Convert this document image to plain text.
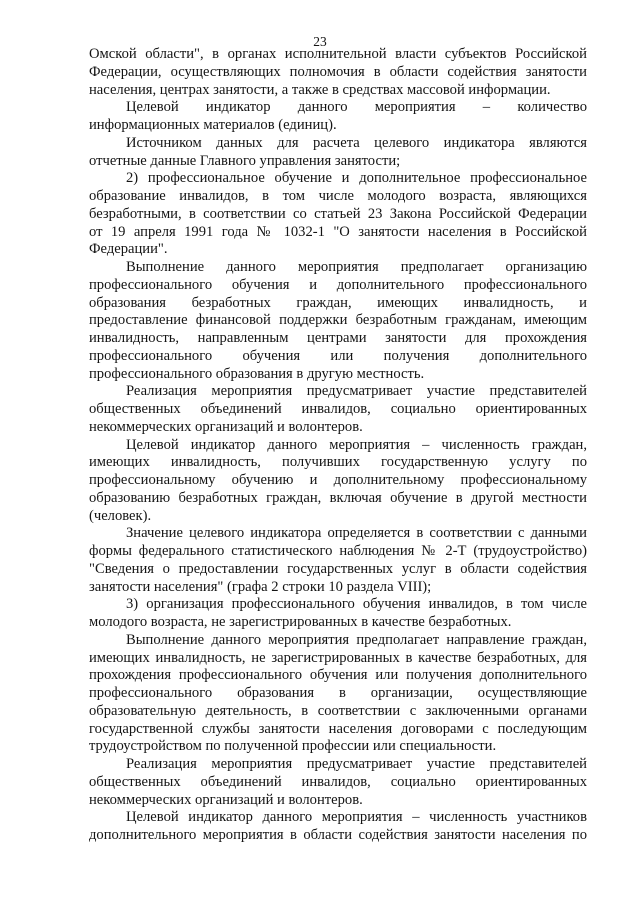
23
Омской области", в органах исполнительной власти субъектов Российской
Федерации, осуществляющих полномочия в области содействия занятости
населения, центрах занятости, а также в средствах массовой информации.
Целевой индикатор данного мероприятия – количество
информационных материалов (единиц).
Источником данных для расчета целевого индикатора являются
отчетные данные Главного управления занятости;
2) профессиональное обучение и дополнительное профессиональное
образование инвалидов, в том числе молодого возраста, являющихся
безработными, в соответствии со статьей 23 Закона Российской Федерации
от 19 апреля 1991 года № 1032-1 "О занятости населения в Российской
Федерации".
Выполнение данного мероприятия предполагает организацию
профессионального обучения и дополнительного профессионального
образования безработных граждан, имеющих инвалидность, и
предоставление финансовой поддержки безработным гражданам, имеющим
инвалидность, направленным центрами занятости для прохождения
профессионального обучения или получения дополнительного
профессионального образования в другую местность.
Реализация мероприятия предусматривает участие представителей
общественных объединений инвалидов, социально ориентированных
некоммерческих организаций и волонтеров.
Целевой индикатор данного мероприятия – численность граждан,
имеющих инвалидность, получивших государственную услугу по
профессиональному обучению и дополнительному профессиональному
образованию безработных граждан, включая обучение в другой местности
(человек).
Значение целевого индикатора определяется в соответствии с данными
формы федерального статистического наблюдения № 2-Т (трудоустройство)
"Сведения о предоставлении государственных услуг в области содействия
занятости населения" (графа 2 строки 10 раздела VIII);
3) организация профессионального обучения инвалидов, в том числе
молодого возраста, не зарегистрированных в качестве безработных.
Выполнение данного мероприятия предполагает направление граждан,
имеющих инвалидность, не зарегистрированных в качестве безработных, для
прохождения профессионального обучения или получения дополнительного
профессионального образования в организации, осуществляющие
образовательную деятельность, в соответствии с заключенными органами
государственной службы занятости населения договорами с последующим
трудоустройством по полученной профессии или специальности.
Реализация мероприятия предусматривает участие представителей
общественных объединений инвалидов, социально ориентированных
некоммерческих организаций и волонтеров.
Целевой индикатор данного мероприятия – численность участников
дополнительного мероприятия в области содействия занятости населения по
